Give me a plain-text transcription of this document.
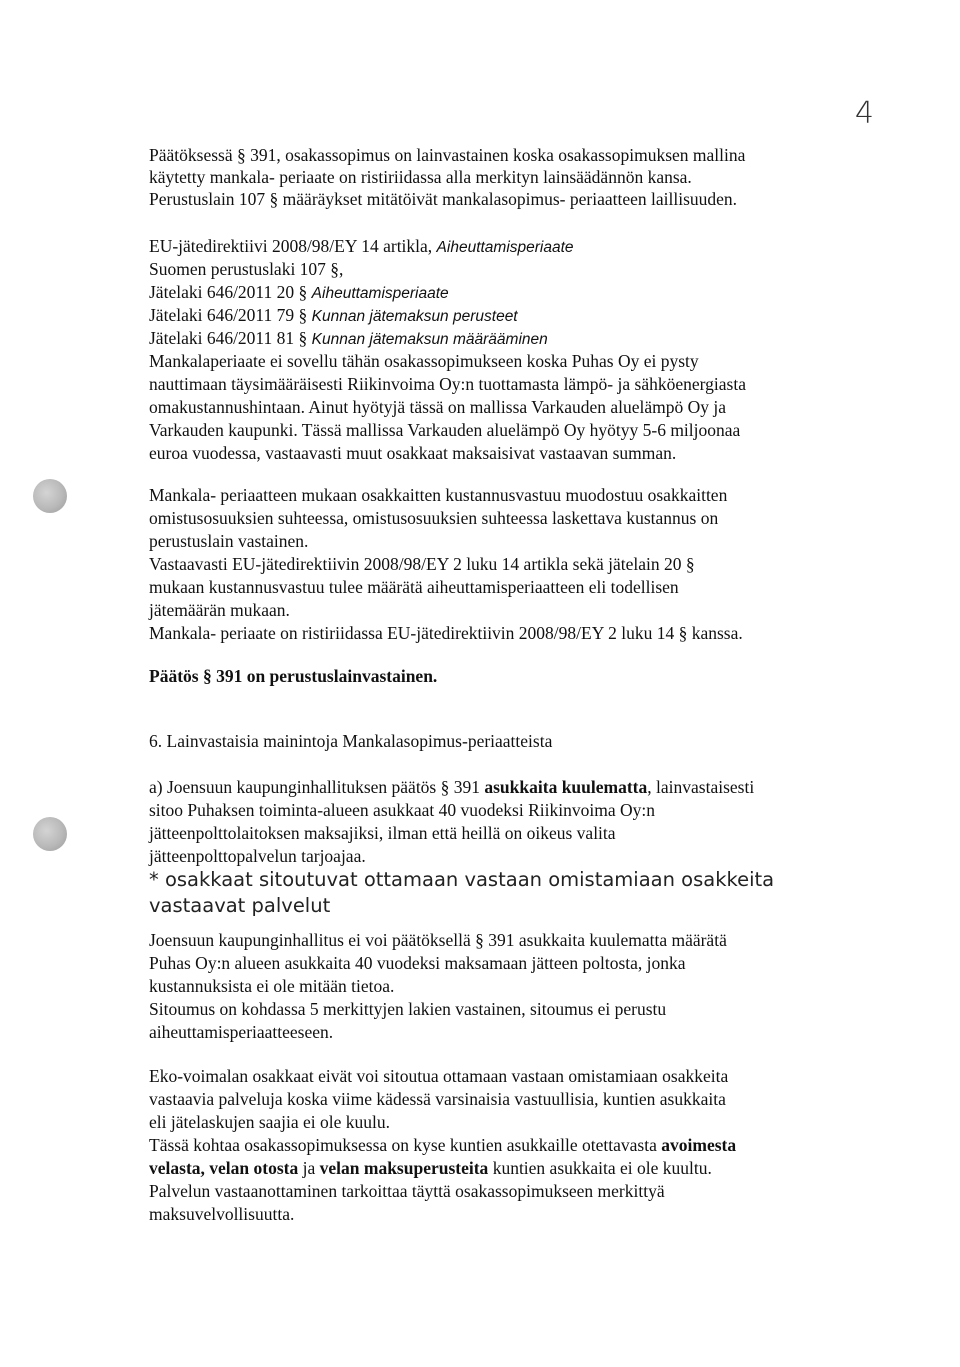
4
Päätöksessä § 391, osakassopimus on lainvastainen koska osakassopimuksen mallina
käytetty mankala- periaate on ristiriidassa alla merkityn lainsäädännön kansa.
Perustuslain 107 § määräykset mitätöivät mankalasopimus- periaatteen laillisuuden.
EU-jätedirektiivi 2008/98/EY 14 artikla, Aiheuttamisperiaate
Suomen perustuslaki 107 §,
Jätelaki 646/2011 20 § Aiheuttamisperiaate
Jätelaki 646/2011 79 § Kunnan jätemaksun perusteet
Jätelaki 646/2011 81 § Kunnan jätemaksun määrääminen
Mankalaperiaate ei sovellu tähän osakassopimukseen koska Puhas Oy ei pysty
nauttimaan täysimääräisesti Riikinvoima Oy:n tuottamasta lämpö- ja sähköenergiasta
omakustannushintaan. Ainut hyötyjä tässä on mallissa Varkauden aluelämpö Oy ja
Varkauden kaupunki. Tässä mallissa Varkauden aluelämpö Oy hyötyy 5-6 miljoonaa
euroa vuodessa, vastaavasti muut osakkaat maksaisivat vastaavan summan.
Mankala- periaatteen mukaan osakkaitten kustannusvastuu muodostuu osakkaitten
omistusosuuksien suhteessa, omistusosuuksien suhteessa laskettava kustannus on
perustuslain vastainen.
Vastaavasti EU-jätedirektiivin 2008/98/EY 2 luku 14 artikla sekä jätelain 20 §
mukaan kustannusvastuu tulee määrätä aiheuttamisperiaatteen eli todellisen
jätemäärän mukaan.
Mankala- periaate on ristiriidassa EU-jätedirektiivin 2008/98/EY 2 luku 14 § kanssa.
Päätös § 391 on perustuslainvastainen.
6. Lainvastaisia mainintoja Mankalasopimus-periaatteista
a) Joensuun kaupunginhallituksen päätös § 391 asukkaita kuulematta, lainvastaisesti
sitoo Puhaksen toiminta-alueen asukkaat 40 vuodeksi Riikinvoima Oy:n
jätteenpolttolaitoksen maksajiksi, ilman että heillä on oikeus valita
jätteenpolttopalvelun tarjoajaa.
* osakkaat sitoutuvat ottamaan vastaan omistamiaan osakkeita
vastaavat palvelut
Joensuun kaupunginhallitus ei voi päätöksellä § 391 asukkaita kuulematta määrätä
Puhas Oy:n alueen asukkaita 40 vuodeksi maksamaan jätteen poltosta, jonka
kustannuksista ei ole mitään tietoa.
Sitoumus on kohdassa 5 merkittyjen lakien vastainen, sitoumus ei perustu
aiheuttamisperiaatteeseen.
Eko-voimalan osakkaat eivät voi sitoutua ottamaan vastaan omistamiaan osakkeita
vastaavia palveluja koska viime kädessä varsinaisia vastuullisia, kuntien asukkaita
eli jätelaskujen saajia ei ole kuulu.
Tässä kohtaa osakassopimuksessa on kyse kuntien asukkaille otettavasta avoimesta
velasta, velan otosta ja velan maksuperusteita kuntien asukkaita ei ole kuultu.
Palvelun vastaanottaminen tarkoittaa täyttä osakassopimukseen merkittyä
maksuvelvollisuutta.
